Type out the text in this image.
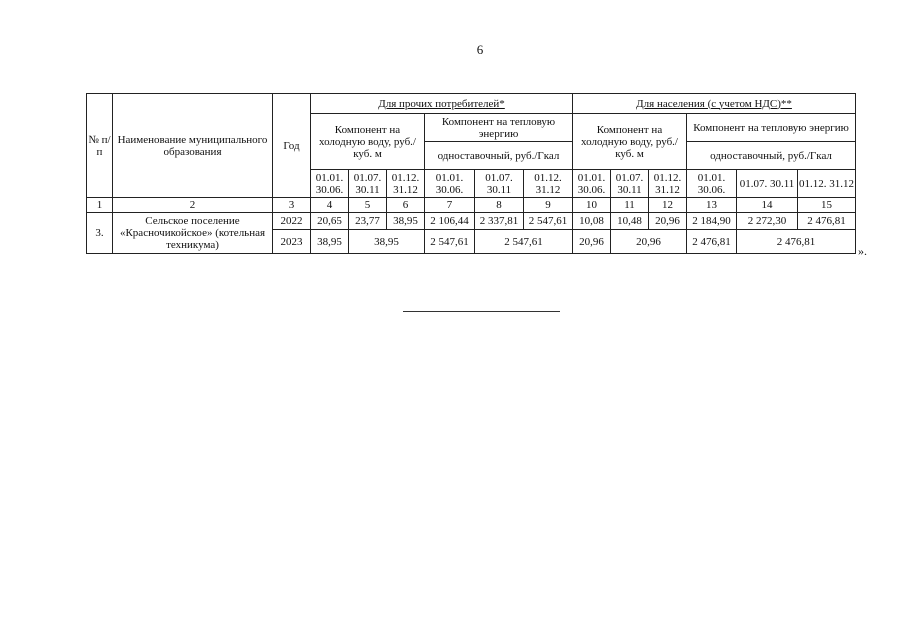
6
№ п/п	Наименование муниципального образования	Год	Для прочих потребителей*						Для населения (с учетом НДС)**					
			Компонент на холодную воду, руб./куб. м			Компонент на тепловую энергию			Компонент на холодную воду, руб./куб. м			Компонент на тепловую энергию		
						одноставочный, руб./Гкал						одноставочный, руб./Гкал		
			01.01. 30.06.	01.07. 30.11	01.12. 31.12	01.01. 30.06.	01.07. 30.11	01.12. 31.12	01.01. 30.06.	01.07. 30.11	01.12. 31.12	01.01. 30.06.	01.07. 30.11	01.12. 31.12
1	2	3	4	5	6	7	8	9	10	11	12	13	14	15
3.	Сельское поселение «Красночикойское» (котельная техникума)	2022	20,65	23,77	38,95	2 106,44	2 337,81	2 547,61	10,08	10,48	20,96	2 184,90	2 272,30	2 476,81
		2023	38,95	38,95		2 547,61	2 547,61		20,96	20,96		2 476,81	2 476,81	
».
